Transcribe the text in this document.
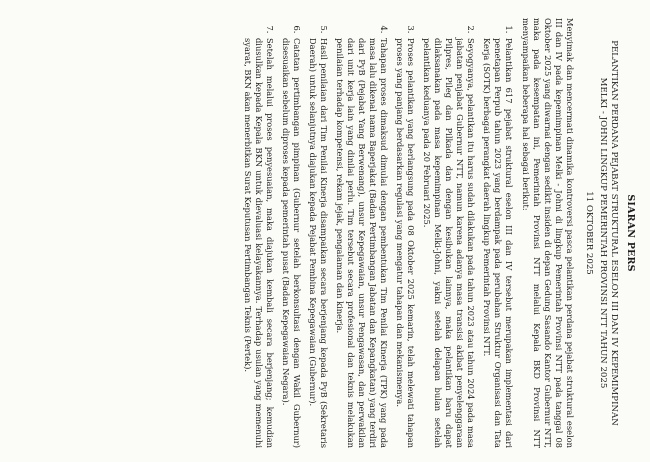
SIARAN PERS
PELANTIKAN PERDANA PEJABAT STRUKTURAL ESELON III DAN IV KEPEMIMPINAN
MELKI - JOHNI LINGKUP PEMERINTAH PROVINSI NTT TAHUN 2025
11 OKTOBER 2025

Menyimak dan mencermati dinamika kontroversi pasca pelantikan perdana pejabat struktural eselon III dan IV pada kepemimpinan Melki - Johni di lingkup Pemerintah Provinsi NTT pada tanggal 08 Oktober 2025 yang diwarnai dengan sedikit insiden di depan Gedung Sasando Kantor Gubernur NTT, maka pada kesempatan ini, Pemerintah Provinsi NTT melalui Kepala BKD Provinsi NTT menyampaikan beberapa hal sebagai berikut:

1. Pelantikan 617 pejabat struktural eselon III dan IV tersebut merupakan implementasi dari penetapan Perpub tahun 2023 yang berdampak pada perubahan Struktur Organisasi dan Tata Kerja (SOTK) berbagai perangkat daerah lingkup Pemerintah Provinsi NTT.
2. Seyogyanya, pelantikan itu harus sudah dilakukan pada tahun 2023 atau tahun 2024 pada masa jabatan penjabat Gubernur NTT, namun karena adanya masa transisi akibat penyelenggaraan Pilpres, Pileg dan Pilkada dan dengan kesibukan lainnya, maka pelantikan baru dapat dilaksanakan pada masa kepemimpinan Melki-Johni, yakni setelah delapan bulan setelah pelantikan keduanya pada 20 Februari 2025.
3. Proses pelantikan yang berlangsung pada 08 Oktober 2025 kemarin, telah melewati tahapan proses yang panjang berdasarkan regulasi yang mengatur tahapan dan mekanismenya.
4. Tahapan proses dimaksud dimulai dengan pembentukan Tim Penilai Kinerja (TPK) yang pada masa lalu dikenal nama Baperjakat (Badan Pertimbangan Jabatan dan Kepangkatan) yang terdiri dari PyB (Pejabat Yang Berwenang), unsur Kepegawaian, unsur Pengawasan, dan perwakilan dari unit kerja lain yang dinilai perlu. Tim tersebut secara profesional dan teknis melakukan penilaian terhadap kompetensi, rekam jejak, pengalaman dan kinerja.
5. Hasil penilaian dari Tim Penilai Kinerja disampaikan secara berjenjang kepada PyB (Sekretaris Daerah) untuk selanjutnya diajukan kepada Pejabat Pembina Kepegawaian (Gubernur).
6. Catatan pertimbangan pimpinan (Gubernur setelah berkonsultasi dengan Wakil Gubernur) disesuaikan sebelum diproses kepada pemerintah pusat (Badan Kepegawaian Negara).
7. Setelah melalui proses penyesuaian, maka diajukan kembali secara berjenjang; kemudian diusulkan kepada Kepala BKN untuk dievaluasi kelayakannya. Terhadap usulan yang memenuhi syarat, BKN akan menerbitkan Surat Keputusan Pertimbangan Teknis (Pertek).
